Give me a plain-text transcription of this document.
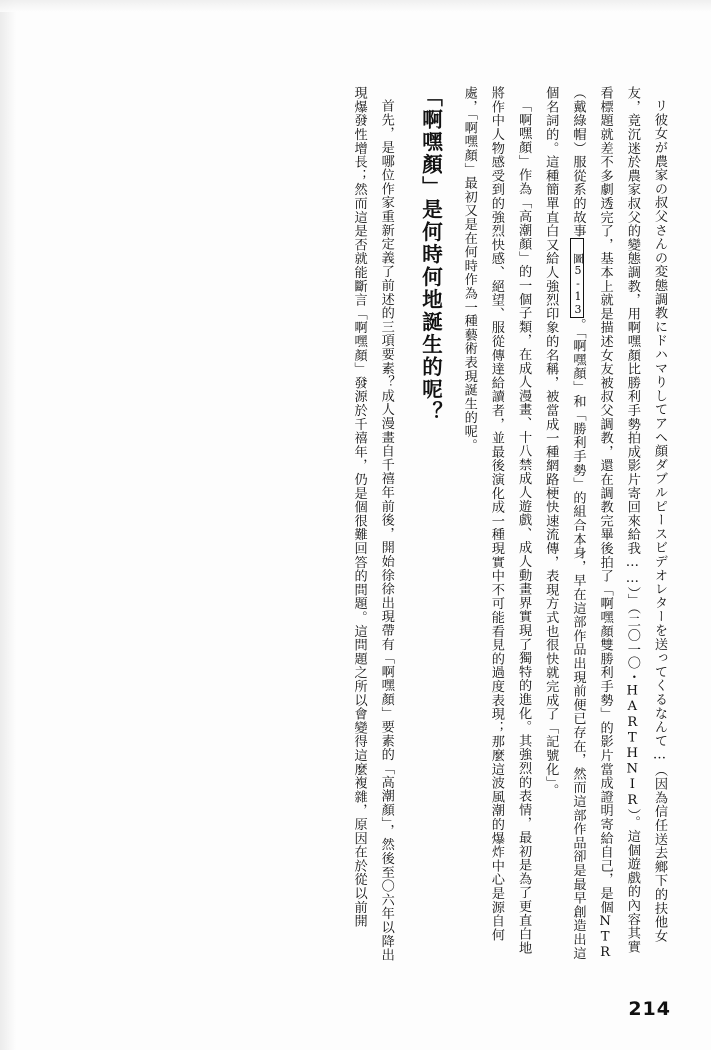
リ彼女が農家の叔父さんの変態調教にドハマりしてアヘ顔ダブルピースビデオレターを送ってくるなんて…（因為信任送去鄉下的扶他女友，竟沉迷於農家叔父的變態調教，用啊嘿顏比勝利手勢拍成影片寄回來給我……）」（二〇一〇・HARTHNIR）。這個遊戲的內容其實看標題就差不多劇透完了，基本上就是描述女友被叔父調教，還在調教完畢後拍了「啊嘿顏雙勝利手勢」的影片當成證明寄給自己，是個NTR（戴綠帽）服從系的故事圖5-13。「啊嘿顏」和「勝利手勢」的組合本身，早在這部作品出現前便已存在，然而這部作品卻是最早創造出這個名詞的。這種簡單直白又給人強烈印象的名稱，被當成一種網路梗快速流傳，表現方式也很快就完成了「記號化」。

「啊嘿顏」作為「高潮顏」的一個子類，在成人漫畫、十八禁成人遊戲、成人動畫界實現了獨特的進化。其強烈的表情，最初是為了更直白地將作中人物感受到的強烈快感、絕望、服從傳達給讀者，並最後演化成一種現實中不可能看見的過度表現；那麼這波風潮的爆炸中心是源自何處，「啊嘿顏」最初又是在何時作為一種藝術表現誕生的呢。

「啊嘿顏」是何時何地誕生的呢？

首先，是哪位作家重新定義了前述的三項要素？成人漫畫自千禧年前後，開始徐徐出現帶有「啊嘿顏」要素的「高潮顏」，然後至〇六年以降出現爆發性增長；然而這是否就能斷言「啊嘿顏」發源於千禧年，仍是個很難回答的問題。這問題之所以會變得這麼複雜，原因在於從以前開

214
